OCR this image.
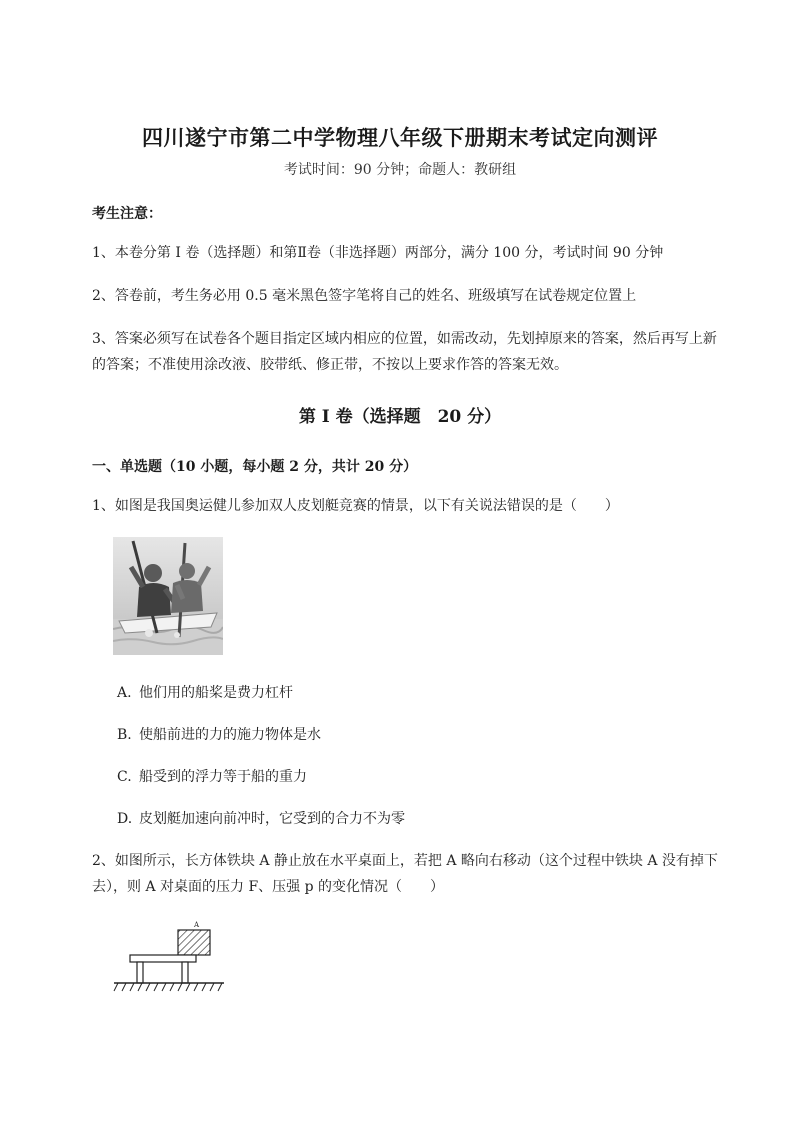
四川遂宁市第二中学物理八年级下册期末考试定向测评
考试时间：90 分钟；命题人：教研组
考生注意：
1、本卷分第 I 卷（选择题）和第Ⅱ卷（非选择题）两部分，满分 100 分，考试时间 90 分钟
2、答卷前，考生务必用 0.5 毫米黑色签字笔将自己的姓名、班级填写在试卷规定位置上
3、答案必须写在试卷各个题目指定区域内相应的位置，如需改动，先划掉原来的答案，然后再写上新的答案；不准使用涂改液、胶带纸、修正带，不按以上要求作答的答案无效。
第 I 卷（选择题　20 分）
一、单选题（10 小题，每小题 2 分，共计 20 分）
1、如图是我国奥运健儿参加双人皮划艇竞赛的情景，以下有关说法错误的是（　　）
A. 他们用的船桨是费力杠杆
B. 使船前进的力的施力物体是水
C. 船受到的浮力等于船的重力
D. 皮划艇加速向前冲时，它受到的合力不为零
2、如图所示，长方体铁块 A 静止放在水平桌面上，若把 A 略向右移动（这个过程中铁块 A 没有掉下去），则 A 对桌面的压力 F、压强 p 的变化情况（　　）
A
